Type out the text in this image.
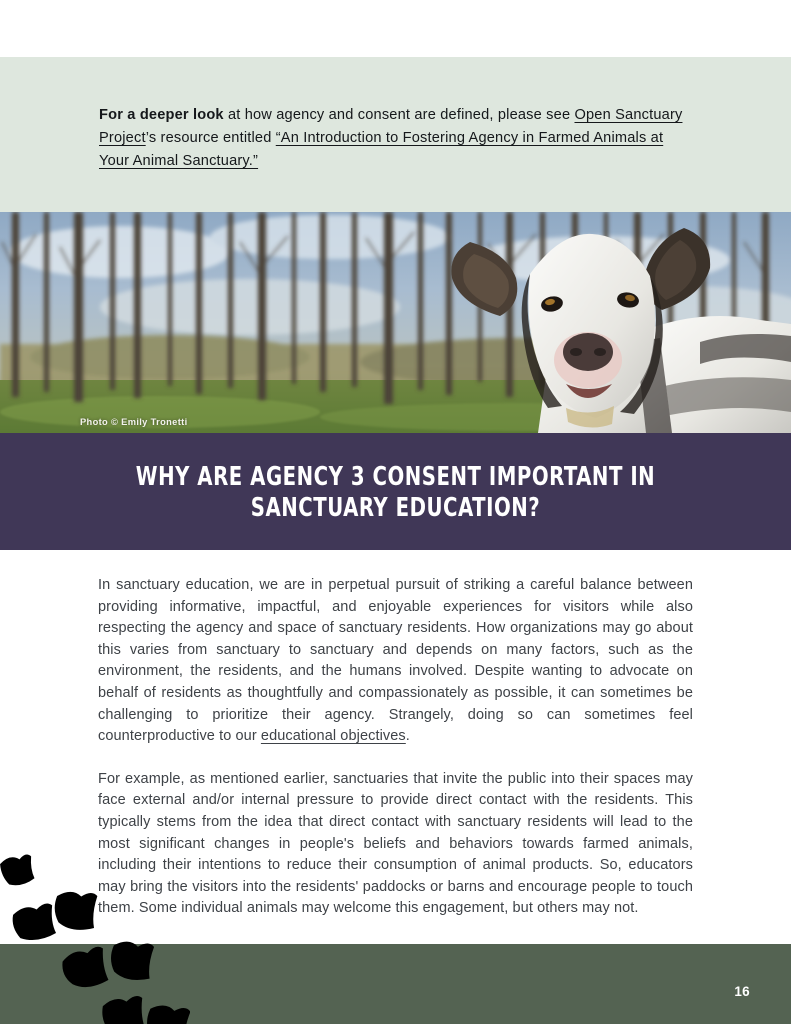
For a deeper look at how agency and consent are defined, please see Open Sanctuary Project’s resource entitled “An Introduction to Fostering Agency in Farmed Animals at Your Animal Sanctuary.”
Photo © Emily Tronetti
WHY ARE AGENCY 3 CONSENT IMPORTANT IN
SANCTUARY EDUCATION?

In sanctuary education, we are in perpetual pursuit of striking a careful balance between providing informative, impactful, and enjoyable experiences for visitors while also respecting the agency and space of sanctuary residents. How organizations may go about this varies from sanctuary to sanctuary and depends on many factors, such as the environment, the residents, and the humans involved. Despite wanting to advocate on behalf of residents as thoughtfully and compassionately as possible, it can sometimes be challenging to prioritize their agency. Strangely, doing so can sometimes feel counterproductive to our educational objectives.

For example, as mentioned earlier, sanctuaries that invite the public into their spaces may face external and/or internal pressure to provide direct contact with the residents. This typically stems from the idea that direct contact with sanctuary residents will lead to the most significant changes in people's beliefs and behaviors towards farmed animals, including their intentions to reduce their consumption of animal products. So, educators may bring the visitors into the residents' paddocks or barns and encourage people to touch them. Some individual animals may welcome this engagement, but others may not.

16
